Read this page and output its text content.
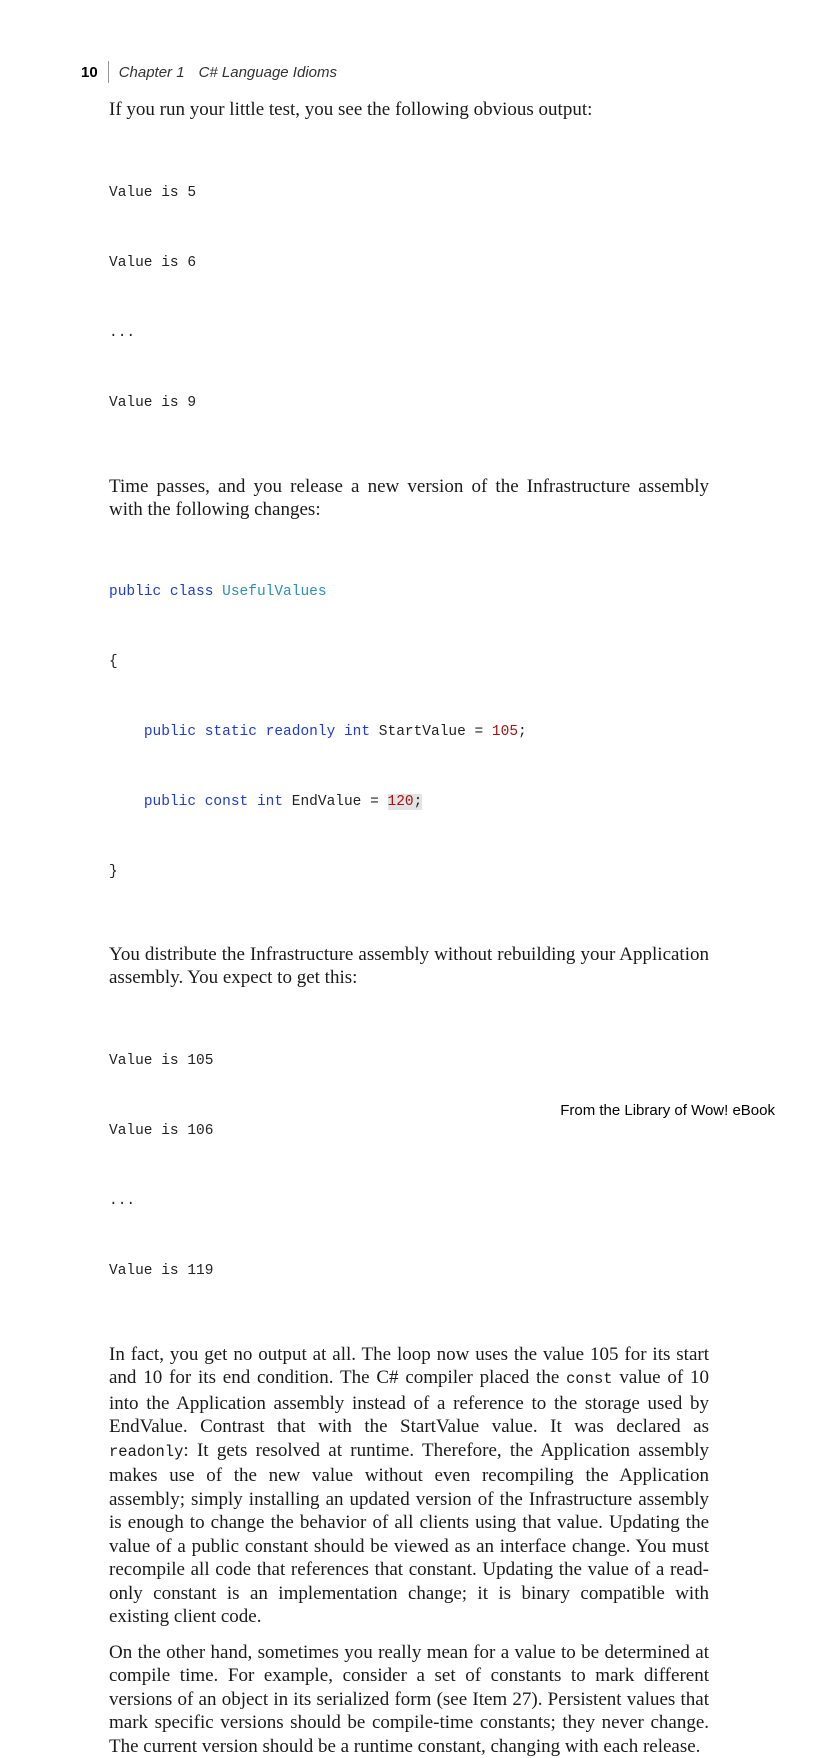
10 Chapter 1 C# Language Idioms

If you run your little test, you see the following obvious output:

Value is 5

Value is 6

...

Value is 9

Time passes, and you release a new version of the Infrastructure assembly with the following changes:

public class UsefulValues

{

public static readonly int StartValue = 105;

public const int EndValue = 120;

}

You distribute the Infrastructure assembly without rebuilding your Application assembly. You expect to get this:

Value is 105

Value is 106

...

Value is 119

In fact, you get no output at all. The loop now uses the value 105 for its start and 10 for its end condition. The C# compiler placed the const value of 10 into the Application assembly instead of a reference to the storage used by EndValue. Contrast that with the StartValue value. It was declared as readonly: It gets resolved at runtime. Therefore, the Application assembly makes use of the new value without even recompiling the Application assembly; simply installing an updated version of the Infrastructure assembly is enough to change the behavior of all clients using that value. Updating the value of a public constant should be viewed as an interface change. You must recompile all code that references that constant. Updating the value of a read-only constant is an implementation change; it is binary compatible with existing client code.

On the other hand, sometimes you really mean for a value to be determined at compile time. For example, consider a set of constants to mark different versions of an object in its serialized form (see Item 27). Persistent values that mark specific versions should be compile-time constants; they never change. The current version should be a runtime constant, changing with each release.

From the Library of Wow! eBook
